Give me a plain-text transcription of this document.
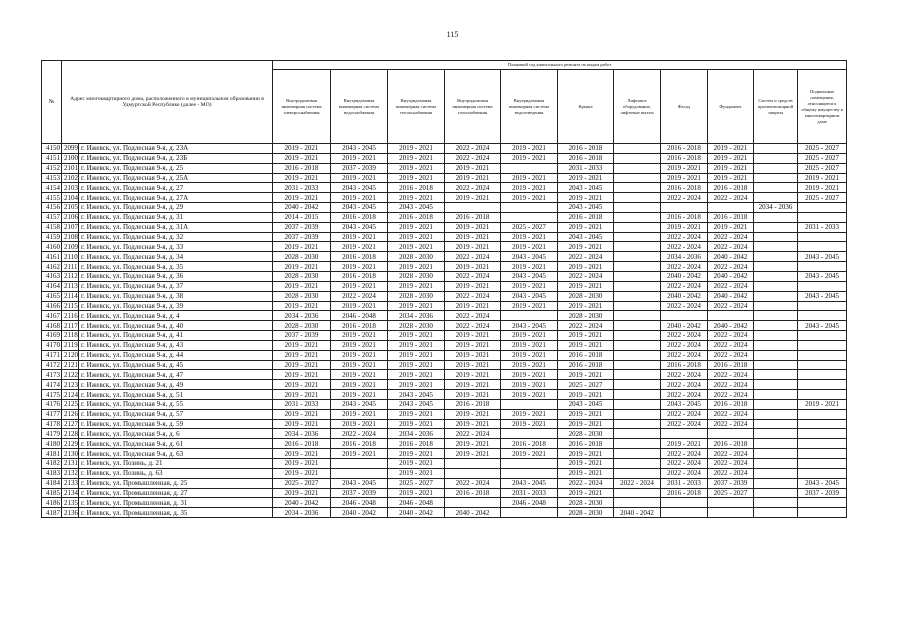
115
№	Адрес многоквартирного дома, расположенного в муниципальном образовании в Удмуртской Республике (далее - МО)		Плановый год капитального ремонта по видам работ										
			Внутридомовая инженерная система электроснабжения	Внутридомовая инженерная система водоснабжения	Внутридомовая инженерная система теплоснабжения	Внутридомовая инженерная система газоснабжения	Внутридомовая инженерная система водоотведения	Крыша	Лифтовое оборудование, лифтовые шахты	Фасад	Фундамент	Систем и средств противопожарной защиты	Подвальные помещения, относящиеся к общему имуществу в многоквартирном доме
4150	2099	г. Ижевск, ул. Подлесная 9-я, д. 23А	2019 - 2021	2043 - 2045	2019 - 2021	2022 - 2024	2019 - 2021	2016 - 2018		2016 - 2018	2019 - 2021		2025 - 2027
4151	2100	г. Ижевск, ул. Подлесная 9-я, д. 23Б	2019 - 2021	2019 - 2021	2019 - 2021	2022 - 2024	2019 - 2021	2016 - 2018		2016 - 2018	2019 - 2021		2025 - 2027
4152	2101	г. Ижевск, ул. Подлесная 9-я, д. 25	2016 - 2018	2037 - 2039	2019 - 2021	2019 - 2021		2031 - 2033		2019 - 2021	2019 - 2021		2025 - 2027
4153	2102	г. Ижевск, ул. Подлесная 9-я, д. 25А	2019 - 2021	2019 - 2021	2019 - 2021	2019 - 2021	2019 - 2021	2019 - 2021		2019 - 2021	2019 - 2021		2019 - 2021
4154	2103	г. Ижевск, ул. Подлесная 9-я, д. 27	2031 - 2033	2043 - 2045	2016 - 2018	2022 - 2024	2019 - 2021	2043 - 2045		2016 - 2018	2016 - 2018		2019 - 2021
4155	2104	г. Ижевск, ул. Подлесная 9-я, д. 27А	2019 - 2021	2019 - 2021	2019 - 2021	2019 - 2021	2019 - 2021	2019 - 2021		2022 - 2024	2022 - 2024		2025 - 2027
4156	2105	г. Ижевск, ул. Подлесная 9-я, д. 29	2040 - 2042	2043 - 2045	2043 - 2045			2043 - 2045				2034 - 2036	
4157	2106	г. Ижевск, ул. Подлесная 9-я, д. 31	2014 - 2015	2016 - 2018	2016 - 2018	2016 - 2018		2016 - 2018		2016 - 2018	2016 - 2018		
4158	2107	г. Ижевск, ул. Подлесная 9-я, д. 31А	2037 - 2039	2043 - 2045	2019 - 2021	2019 - 2021	2025 - 2027	2019 - 2021		2019 - 2021	2019 - 2021		2031 - 2033
4159	2108	г. Ижевск, ул. Подлесная 9-я, д. 32	2037 - 2039	2019 - 2021	2019 - 2021	2019 - 2021	2019 - 2021	2043 - 2045		2022 - 2024	2022 - 2024		
4160	2109	г. Ижевск, ул. Подлесная 9-я, д. 33	2019 - 2021	2019 - 2021	2019 - 2021	2019 - 2021	2019 - 2021	2019 - 2021		2022 - 2024	2022 - 2024		
4161	2110	г. Ижевск, ул. Подлесная 9-я, д. 34	2028 - 2030	2016 - 2018	2028 - 2030	2022 - 2024	2043 - 2045	2022 - 2024		2034 - 2036	2040 - 2042		2043 - 2045
4162	2111	г. Ижевск, ул. Подлесная 9-я, д. 35	2019 - 2021	2019 - 2021	2019 - 2021	2019 - 2021	2019 - 2021	2019 - 2021		2022 - 2024	2022 - 2024		
4163	2112	г. Ижевск, ул. Подлесная 9-я, д. 36	2028 - 2030	2016 - 2018	2028 - 2030	2022 - 2024	2043 - 2045	2022 - 2024		2040 - 2042	2040 - 2042		2043 - 2045
4164	2113	г. Ижевск, ул. Подлесная 9-я, д. 37	2019 - 2021	2019 - 2021	2019 - 2021	2019 - 2021	2019 - 2021	2019 - 2021		2022 - 2024	2022 - 2024		
4165	2114	г. Ижевск, ул. Подлесная 9-я, д. 38	2028 - 2030	2022 - 2024	2028 - 2030	2022 - 2024	2043 - 2045	2028 - 2030		2040 - 2042	2040 - 2042		2043 - 2045
4166	2115	г. Ижевск, ул. Подлесная 9-я, д. 39	2019 - 2021	2019 - 2021	2019 - 2021	2019 - 2021	2019 - 2021	2019 - 2021		2022 - 2024	2022 - 2024		
4167	2116	г. Ижевск, ул. Подлесная 9-я, д. 4	2034 - 2036	2046 - 2048	2034 - 2036	2022 - 2024		2028 - 2030					
4168	2117	г. Ижевск, ул. Подлесная 9-я, д. 40	2028 - 2030	2016 - 2018	2028 - 2030	2022 - 2024	2043 - 2045	2022 - 2024		2040 - 2042	2040 - 2042		2043 - 2045
4169	2118	г. Ижевск, ул. Подлесная 9-я, д. 41	2037 - 2039	2019 - 2021	2019 - 2021	2019 - 2021	2019 - 2021	2019 - 2021		2022 - 2024	2022 - 2024		
4170	2119	г. Ижевск, ул. Подлесная 9-я, д. 43	2019 - 2021	2019 - 2021	2019 - 2021	2019 - 2021	2019 - 2021	2019 - 2021		2022 - 2024	2022 - 2024		
4171	2120	г. Ижевск, ул. Подлесная 9-я, д. 44	2019 - 2021	2019 - 2021	2019 - 2021	2019 - 2021	2019 - 2021	2016 - 2018		2022 - 2024	2022 - 2024		
4172	2121	г. Ижевск, ул. Подлесная 9-я, д. 45	2019 - 2021	2019 - 2021	2019 - 2021	2019 - 2021	2019 - 2021	2016 - 2018		2016 - 2018	2016 - 2018		
4173	2122	г. Ижевск, ул. Подлесная 9-я, д. 47	2019 - 2021	2019 - 2021	2019 - 2021	2019 - 2021	2019 - 2021	2019 - 2021		2022 - 2024	2022 - 2024		
4174	2123	г. Ижевск, ул. Подлесная 9-я, д. 49	2019 - 2021	2019 - 2021	2019 - 2021	2019 - 2021	2019 - 2021	2025 - 2027		2022 - 2024	2022 - 2024		
4175	2124	г. Ижевск, ул. Подлесная 9-я, д. 51	2019 - 2021	2019 - 2021	2043 - 2045	2019 - 2021	2019 - 2021	2019 - 2021		2022 - 2024	2022 - 2024		
4176	2125	г. Ижевск, ул. Подлесная 9-я, д. 55	2031 - 2033	2043 - 2045	2043 - 2045	2016 - 2018		2043 - 2045		2043 - 2045	2016 - 2018		2019 - 2021
4177	2126	г. Ижевск, ул. Подлесная 9-я, д. 57	2019 - 2021	2019 - 2021	2019 - 2021	2019 - 2021	2019 - 2021	2019 - 2021		2022 - 2024	2022 - 2024		
4178	2127	г. Ижевск, ул. Подлесная 9-я, д. 59	2019 - 2021	2019 - 2021	2019 - 2021	2019 - 2021	2019 - 2021	2019 - 2021		2022 - 2024	2022 - 2024		
4179	2128	г. Ижевск, ул. Подлесная 9-я, д. 6	2034 - 2036	2022 - 2024	2034 - 2036	2022 - 2024		2028 - 2030					
4180	2129	г. Ижевск, ул. Подлесная 9-я, д. 61	2016 - 2018	2016 - 2018	2016 - 2018	2019 - 2021	2016 - 2018	2016 - 2018		2019 - 2021	2016 - 2018		
4181	2130	г. Ижевск, ул. Подлесная 9-я, д. 63	2019 - 2021	2019 - 2021	2019 - 2021	2019 - 2021	2019 - 2021	2019 - 2021		2022 - 2024	2022 - 2024		
4182	2131	г. Ижевск, ул. Позинь, д. 21	2019 - 2021		2019 - 2021			2019 - 2021		2022 - 2024	2022 - 2024		
4183	2132	г. Ижевск, ул. Позинь, д. 63	2019 - 2021		2019 - 2021			2019 - 2021		2022 - 2024	2022 - 2024		
4184	2133	г. Ижевск, ул. Промышленная, д. 25	2025 - 2027	2043 - 2045	2025 - 2027	2022 - 2024	2043 - 2045	2022 - 2024	2022 - 2024	2031 - 2033	2037 - 2039		2043 - 2045
4185	2134	г. Ижевск, ул. Промышленная, д. 27	2019 - 2021	2037 - 2039	2019 - 2021	2016 - 2018	2031 - 2033	2019 - 2021		2016 - 2018	2025 - 2027		2037 - 2039
4186	2135	г. Ижевск, ул. Промышленная, д. 31	2040 - 2042	2046 - 2048	2046 - 2048		2046 - 2048	2028 - 2030					
4187	2136	г. Ижевск, ул. Промышленная, д. 35	2034 - 2036	2040 - 2042	2040 - 2042	2040 - 2042		2028 - 2030	2040 - 2042				
